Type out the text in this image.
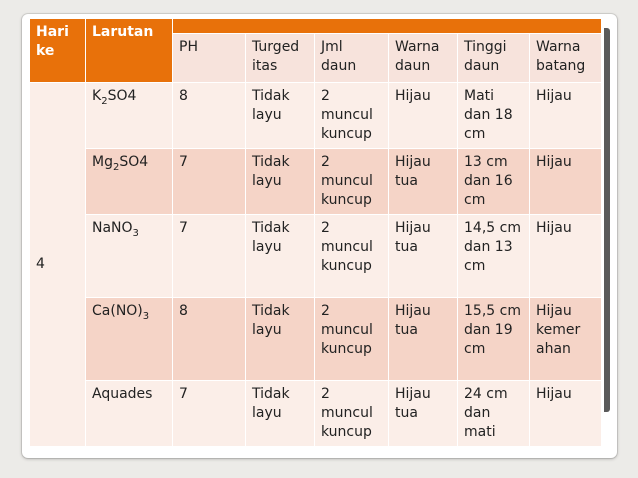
Hari ke	Larutan						
		PH	Turged itas	Jml daun	Warna daun	Tinggi daun	Warna batang
4	$K_2SO4$	8	Tidak layu	2 muncul kuncup	Hijau	Mati dan 18 cm	Hijau
	$Mg_2SO4$	7	Tidak layu	2 muncul kuncup	Hijau tua	13 cm dan 16 cm	Hijau
	NaNO$_3$	7	Tidak layu	2 muncul kuncup	Hijau tua	14,5 cm dan 13 cm	Hijau
	$Ca(NO)_3$	8	Tidak layu	2 muncul kuncup	Hijau tua	15,5 cm dan 19 cm	Hijau kemer ahan
	Aquades	7	Tidak layu	2 muncul kuncup	Hijau tua	24 cm dan mati	Hijau
